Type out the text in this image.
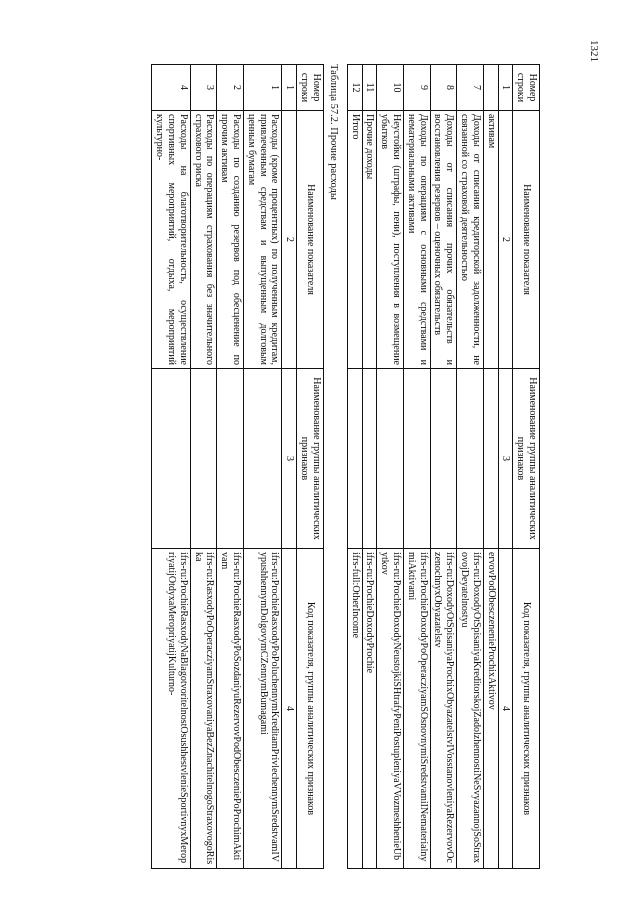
1321
Номер строки	Наименование показателя	Наименование группы аналитических признаков	Код показателя, группы аналитических признаков
1	2	3	4
	активам		ervovPodObesczenenieProchixAktivov
7	Доходы от списания кредиторской задолженности, не связанной со страховой деятельностью		ifrs-ru:DoxodyOtSpisaniyaKreditorskojZadolzhennostiNeSvyazannojSoStraxovojDeyatelnostyu
8	Доходы от списания прочих обязательств и восстановления резервов – оценочных обязательств		ifrs-ru:DoxodyOtSpisaniyaProchixObyazatelstvIVosstanovleniyaRezervovOczenochnyxObyazatelstv
9	Доходы по операциям с основными средствами и нематериальными активами		ifrs-ru:ProchieDoxodyPoOperacziyamSOsnovnymiSredstvamiINematerialnymiAktivami
10	Неустойки (штрафы, пени), поступления в возмещение убытков		ifrs-ru:ProchieDoxodyNeustojkiSHtrafyPeniPostupleniyaVVozmeshhenieUbytkov
11	Прочие доходы		ifrs-ru:ProchieDoxodyProchie
12	Итого		ifrs-full:OtherIncome
Таблица 57.2. Прочие расходы
Номер строки	Наименование показателя	Наименование группы аналитических признаков	Код показателя, группы аналитических признаков
1	2	3	4
1	Расходы (кроме процентных) по полученным кредитам, привлеченным средствам и выпущенным долговым ценным бумагам		ifrs-ru:ProchieRasxodyPoPoluchennymKreditamPrivlechennymSredstvamIVypushhennymDolgovymCZennymBumagami
2	Расходы по созданию резервов под обесценение по прочим активам		ifrs-ru:ProchieRasxodyPoSozdaniyuRezervovPodObesczeniePoProchimAktivam
3	Расходы по операциям страхования без значительного страхового риска		ifrs-ru:RasxodyPoOperacziyamStraxovaniyaBezZnachitelnogoStraxovogoRiska
4	Расходы на благотворительность, осуществление спортивных мероприятий, отдыха, мероприятий культурно-		ifrs-ru:ProchieRasxodyNaBlagotvoritelnostOsushhestvlenieSportivnyxMeropriyatijOtdyxaMeropriyatijKulturno-
